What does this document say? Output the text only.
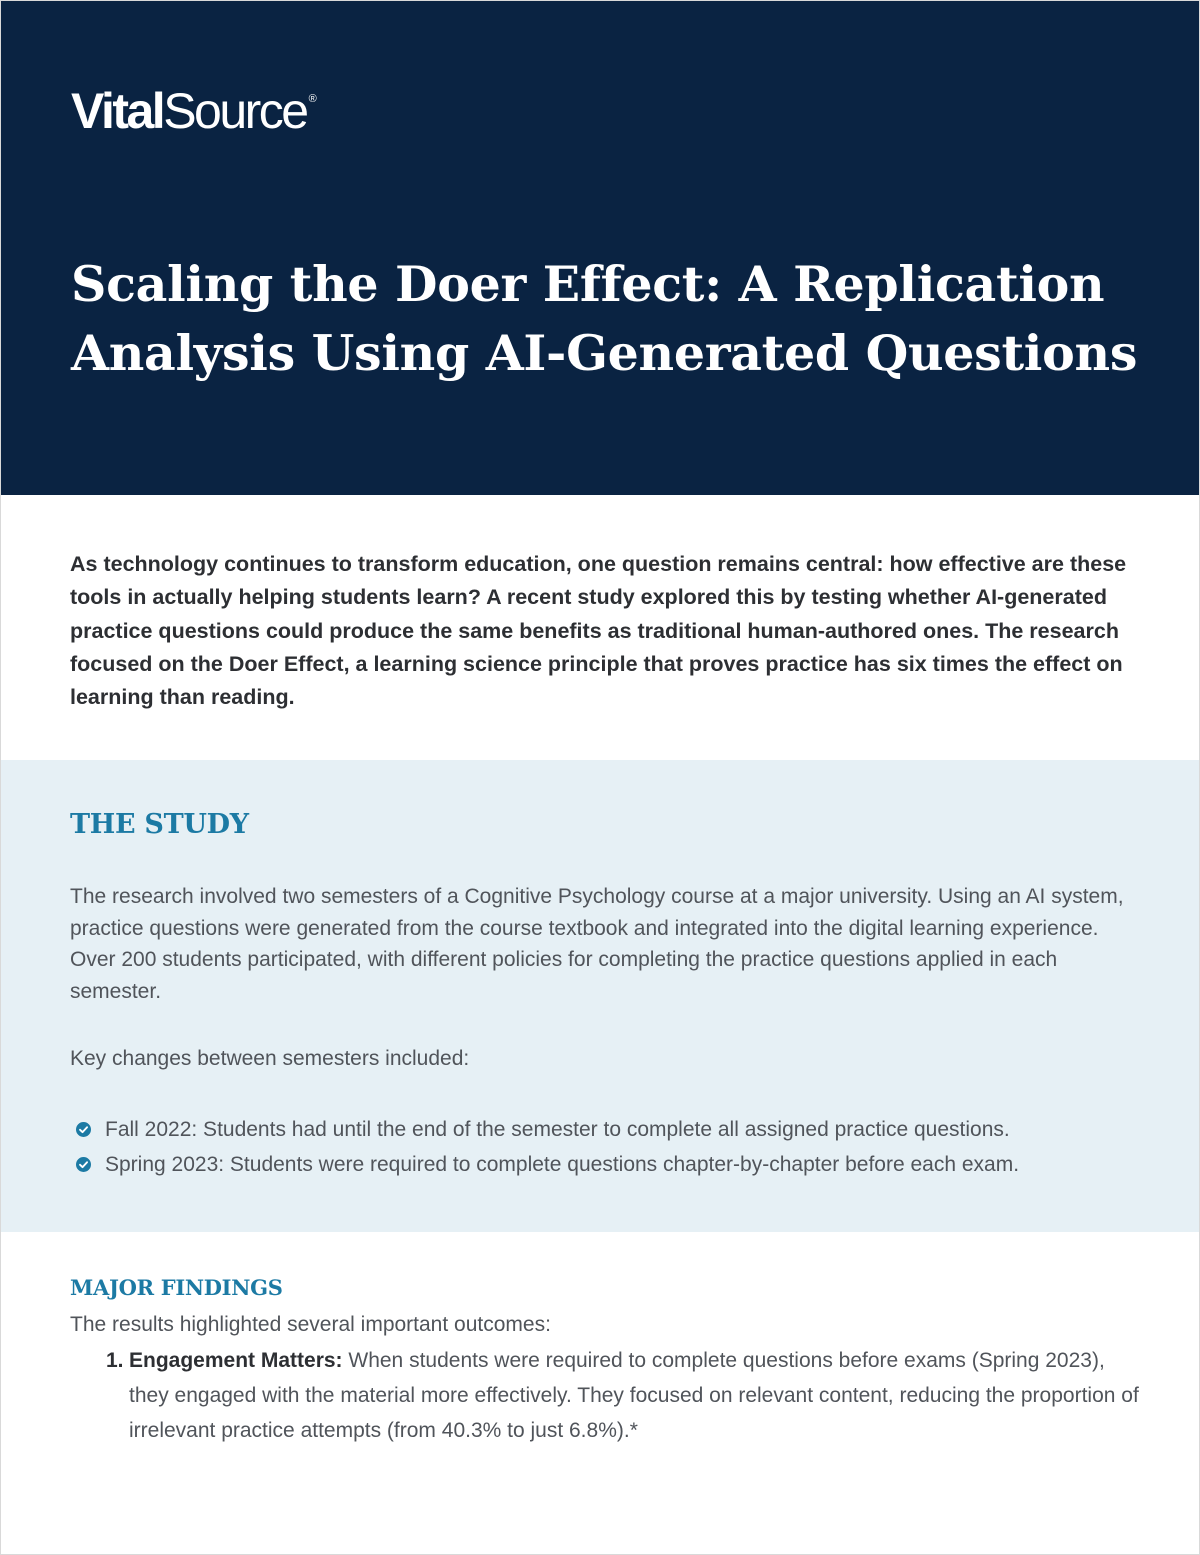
VitalSource ®
Scaling the Doer Effect: A Replication Analysis Using AI-Generated Questions

As technology continues to transform education, one question remains central: how effective are these tools in actually helping students learn? A recent study explored this by testing whether AI-generated practice questions could produce the same benefits as traditional human-authored ones. The research focused on the Doer Effect, a learning science principle that proves practice has six times the effect on learning than reading.

THE STUDY

The research involved two semesters of a Cognitive Psychology course at a major university. Using an AI system, practice questions were generated from the course textbook and integrated into the digital learning experience. Over 200 students participated, with different policies for completing the practice questions applied in each semester.

Key changes between semesters included:

Fall 2022: Students had until the end of the semester to complete all assigned practice questions.
Spring 2023: Students were required to complete questions chapter-by-chapter before each exam.
MAJOR FINDINGS

The results highlighted several important outcomes:

1. Engagement Matters: When students were required to complete questions before exams (Spring 2023), they engaged with the material more effectively. They focused on relevant content, reducing the proportion of irrelevant practice attempts (from 40.3% to just 6.8%).*
